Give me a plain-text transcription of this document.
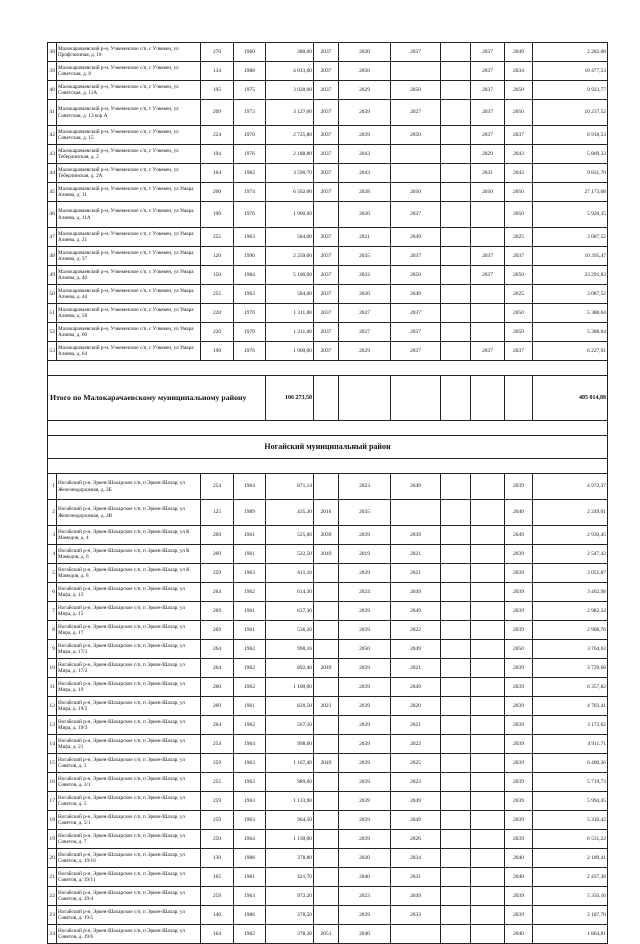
38	Малокарачаевский р-н, Учкекенское с/п, с Учкекен, ул Профсоюзная, д. 18	270	1960	380,00	2037	2020	2037		2037	2049	2 282,08
39	Малокарачаевский р-н, Учкекенское с/п, с Учкекен, ул Советская, д. 8	134	1988	4 013,60	2037	2050			2037	2034	10 477,53
40	Малокарачаевский р-н, Учкекенское с/п, с Учкекен, ул Советская, д. 11А	195	1975	3 028,00	2037	2029	2050		2037	2050	9 923,77
41	Малокарачаевский р-н, Учкекенское с/п, с Учкекен, ул Советская, д. 13 кор А	209	1973	3 127,00	2037	2039	2027		2037	2050	10 237,52
42	Малокарачаевский р-н, Учкекенское с/п, с Учкекен, ул Советская, д. 15	224	1970	2 725,80	2037	2039	2050		2037	2037	8 918,53
43	Малокарачаевский р-н, Учкекенское с/п, с Учкекен, ул Теберлинская, д. 2	194	1976	2 188,80	2037	2043			2029	2043	5 869,33
44	Малокарачаевский р-н, Учкекенское с/п, с Учкекен, ул Теберлинская, д. 2А	164	1982	3 596,70	2037	2043			2031	2043	9 831,70
45	Малокарачаевский р-н, Учкекенское с/п, с Учкекен, ул Умара Алиева, д. 11	200	1974	6 502,00	2037	2028	2050		2050	2050	27 173,08
46	Малокарачаевский р-н, Учкекенское с/п, с Учкекен, ул Умара Алиева, д. 11А	190	1976	1 900,00		2020	2037			2050	5 926,35
47	Малокарачаевский р-н, Учкекенское с/п, с Учкекен, ул Умара Алиева, д. 21	255	1963	584,00	2037	2021	2049			2025	3 087,52
48	Малокарачаевский р-н, Учкекенское с/п, с Учкекен, ул Умара Алиева, д. 37	120	1990	2 250,00	2037	2035	2037		2037	2037	10 395,47
49	Малокарачаевский р-н, Учкекенское с/п, с Учкекен, ул Умара Алиева, д. 40	150	1984	5 100,00	2037	2032	2050		2037	2050	23 291,83
50	Малокарачаевский р-н, Учкекенское с/п, с Учкекен, ул Умара Алиева, д. 44	255	1963	584,00	2037	2020	2049			2025	3 087,52
51	Малокарачаевский р-н, Учкекенское с/п, с Учкекен, ул Умара Алиева, д. 58	220	1970	1 311,00	2037	2027	2037			2050	5 388,64
52	Малокарачаевский р-н, Учкекенское с/п, с Учкекен, ул Умара Алиева, д. 60	220	1970	1 311,00	2037	2027	2037			2050	5 388,64
53	Малокарачаевский р-н, Учкекенское с/п, с Учкекен, ул Умара Алиева, д. 64	190	1976	1 900,00	2037	2029	2037		2037	2037	6 227,91

Итого по Малокарачаевскому муниципальному району				106 273,50							405 014,88

Ногайский муниципальный район											

1	Ногайский р-н, Эркен-Шахарское с/п, п Эркен-Шахар, ул Железнодорожная, д. 2Б	254	1964	871,14		2023	2049			2039	4 972,37
2	Ногайский р-н, Эркен-Шахарское с/п, п Эркен-Шахар, ул Железнодорожная, д. 4В	125	1989	435,30	2016	2035				2040	2 249,01
3	Ногайский р-н, Эркен-Шахарское с/п, п Эркен-Шахар, ул К Мамедов, д. 4	269	1961	525,00	2039	2039	2039			2049	2 930,45
4	Ногайский р-н, Эркен-Шахарское с/п, п Эркен-Шахар, ул К Мамедов, д. 6	269	1961	522,50	2049	2019	2021			2039	2 547,42
5	Ногайский р-н, Эркен-Шахарское с/п, п Эркен-Шахар, ул К Мамедов, д. 8	259	1963	611,10		2039	2021			2039	3 051,87
6	Ногайский р-н, Эркен-Шахарское с/п, п Эркен-Шахар, ул Мира, д. 13	264	1962	614,30		2024	2049			2039	3 462,98
7	Ногайский р-н, Эркен-Шахарское с/п, п Эркен-Шахар, ул Мира, д. 15	269	1961	637,30		2039	2049			2039	2 982,32
8	Ногайский р-н, Эркен-Шахарское с/п, п Эркен-Шахар, ул Мира, д. 17	269	1961	536,20		2039	2022			2039	2 908,76
9	Ногайский р-н, Эркен-Шахарское с/п, п Эркен-Шахар, ул Мира, д. 17/1	264	1962	990,16		2050	2049			2050	3 764,63
10	Ногайский р-н, Эркен-Шахарское с/п, п Эркен-Шахар, ул Мира, д. 17/2	264	1962	892,40	2049	2039	2021			2039	3 739,68
11	Ногайский р-н, Эркен-Шахарское с/п, п Эркен-Шахар, ул Мира, д. 19	260	1962	1 100,00		2039	2049			2039	6 357,82
12	Ногайский р-н, Эркен-Шахарское с/п, п Эркен-Шахар, ул Мира, д. 19/2	269	1961	820,50	2023	2039	2020			2039	4 783,41
13	Ногайский р-н, Эркен-Шахарское с/п, п Эркен-Шахар, ул Мира, д. 19/3	264	1962	567,10		2039	2021			2039	3 172,62
14	Ногайский р-н, Эркен-Шахарское с/п, п Эркен-Шахар, ул Мира, д. 21	254	1964	998,60		2039	2022			2039	4 911,71
15	Ногайский р-н, Эркен-Шахарское с/п, п Эркен-Шахар, ул Советов, д. 3	259	1963	1 167,40	2049	2039	2025			2039	6 400,36
16	Ногайский р-н, Эркен-Шахарское с/п, п Эркен-Шахар, ул Советов, д. 3/1	255	1963	989,60		2039	2023			2039	5 719,73
17	Ногайский р-н, Эркен-Шахарское с/п, п Эркен-Шахар, ул Советов, д. 5	259	1963	1 133,90		2039	2049			2039	5 994,45
18	Ногайский р-н, Эркен-Шахарское с/п, п Эркен-Шахар, ул Советов, д. 5/1	259	1963	964,50		2039	2049			2039	5 310,42
19	Ногайский р-н, Эркен-Шахарское с/п, п Эркен-Шахар, ул Советов, д. 7	250	1964	1 130,00		2039	2026			2039	6 531,22
20	Ногайский р-н, Эркен-Шахарское с/п, п Эркен-Шахар, ул Советов, д. 19/10	130	1988	378,80		2020	2034			2040	2 189,41
21	Ногайский р-н, Эркен-Шахарское с/п, п Эркен-Шахар, ул Советов, д. 19/11	165	1981	421,70		2040	2031			2040	2 437,38
22	Ногайский р-н, Эркен-Шахарское с/п, п Эркен-Шахар, ул Советов, д. 19/4	259	1963	972,20		2023	2049			2039	5 350,16
23	Ногайский р-н, Эркен-Шахарское с/п, п Эркен-Шахар, ул Советов, д. 19/5	140	1986	378,50		2039	2033			2039	2 187,70
24	Ногайский р-н, Эркен-Шахарское с/п, п Эркен-Шахар, ул Советов, д. 19/6	164	1982	378,20	2051	2040				2040	1 864,81
